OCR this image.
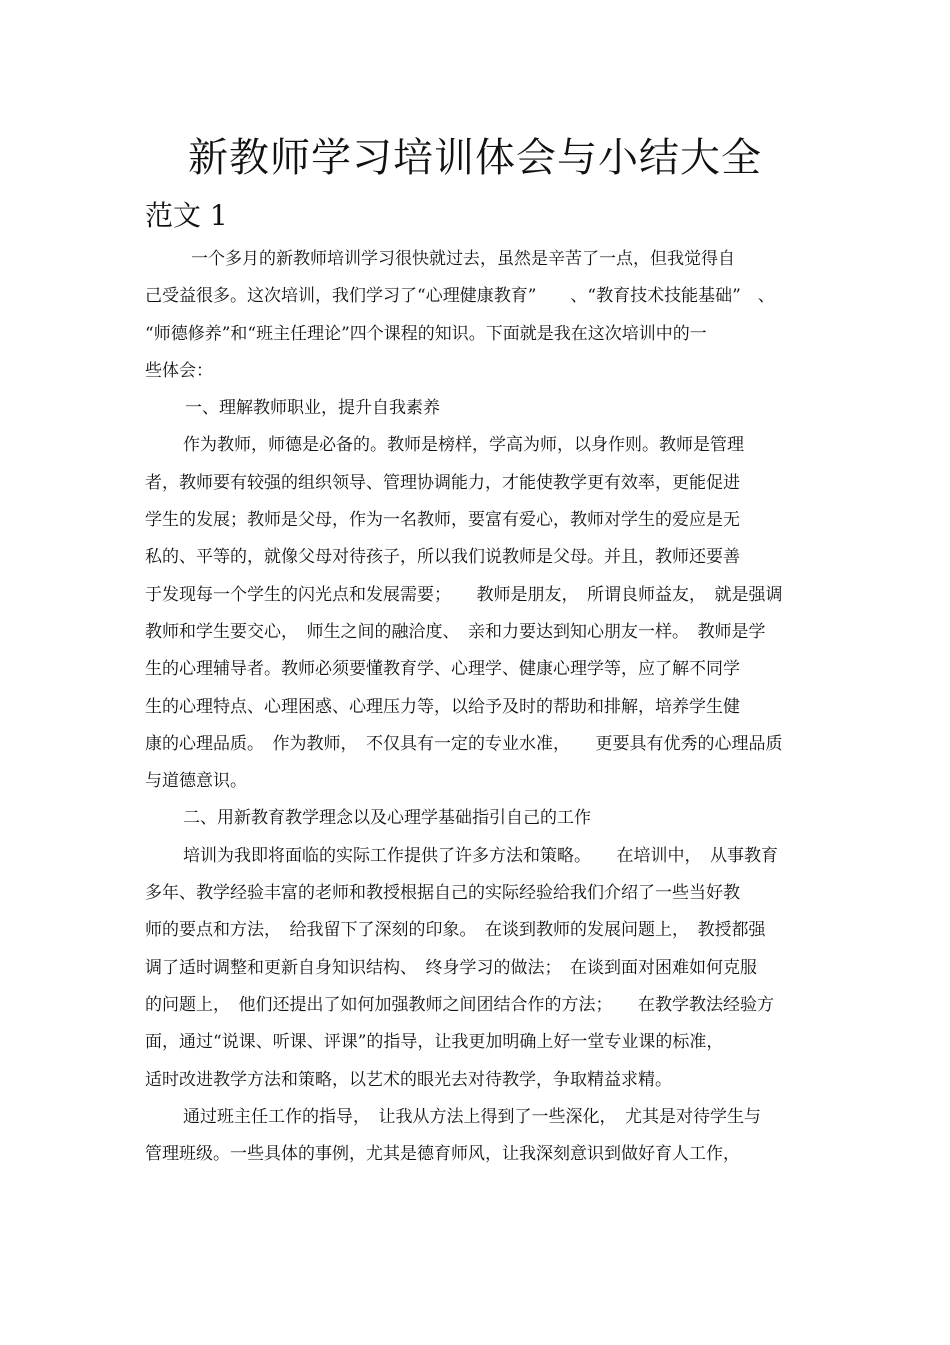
新教师学习培训体会与小结大全
范文 1
一个多月的新教师培训学习很快就过去，虽然是辛苦了一点，但我觉得自
己受益很多。这次培训，我们学习了“心理健康教育”　　、“教育技术技能基础”　、
“师德修养”和“班主任理论”四个课程的知识。下面就是我在这次培训中的一
些体会：
一、理解教师职业，提升自我素养
作为教师，师德是必备的。教师是榜样，学高为师，以身作则。教师是管理
者，教师要有较强的组织领导、管理协调能力，才能使教学更有效率，更能促进
学生的发展；教师是父母，作为一名教师，要富有爱心，教师对学生的爱应是无
私的、平等的，就像父母对待孩子，所以我们说教师是父母。并且，教师还要善
于发现每一个学生的闪光点和发展需要；　　教师是朋友，　所谓良师益友，　就是强调
教师和学生要交心，　师生之间的融洽度、　亲和力要达到知心朋友一样。　教师是学
生的心理辅导者。教师必须要懂教育学、心理学、健康心理学等，应了解不同学
生的心理特点、心理困惑、心理压力等，以给予及时的帮助和排解，培养学生健
康的心理品质。　作为教师，　不仅具有一定的专业水准，　　更要具有优秀的心理品质
与道德意识。
二、用新教育教学理念以及心理学基础指引自己的工作
培训为我即将面临的实际工作提供了许多方法和策略。　　在培训中，　从事教育
多年、教学经验丰富的老师和教授根据自己的实际经验给我们介绍了一些当好教
师的要点和方法，　给我留下了深刻的印象。　在谈到教师的发展问题上，　教授都强
调了适时调整和更新自身知识结构、　终身学习的做法；　在谈到面对困难如何克服
的问题上，　他们还提出了如何加强教师之间团结合作的方法；　　在教学教法经验方
面，通过“说课、听课、评课”的指导，让我更加明确上好一堂专业课的标准，
适时改进教学方法和策略，以艺术的眼光去对待教学，争取精益求精。
通过班主任工作的指导，　让我从方法上得到了一些深化，　尤其是对待学生与
管理班级。一些具体的事例，尤其是德育师风，让我深刻意识到做好育人工作，
